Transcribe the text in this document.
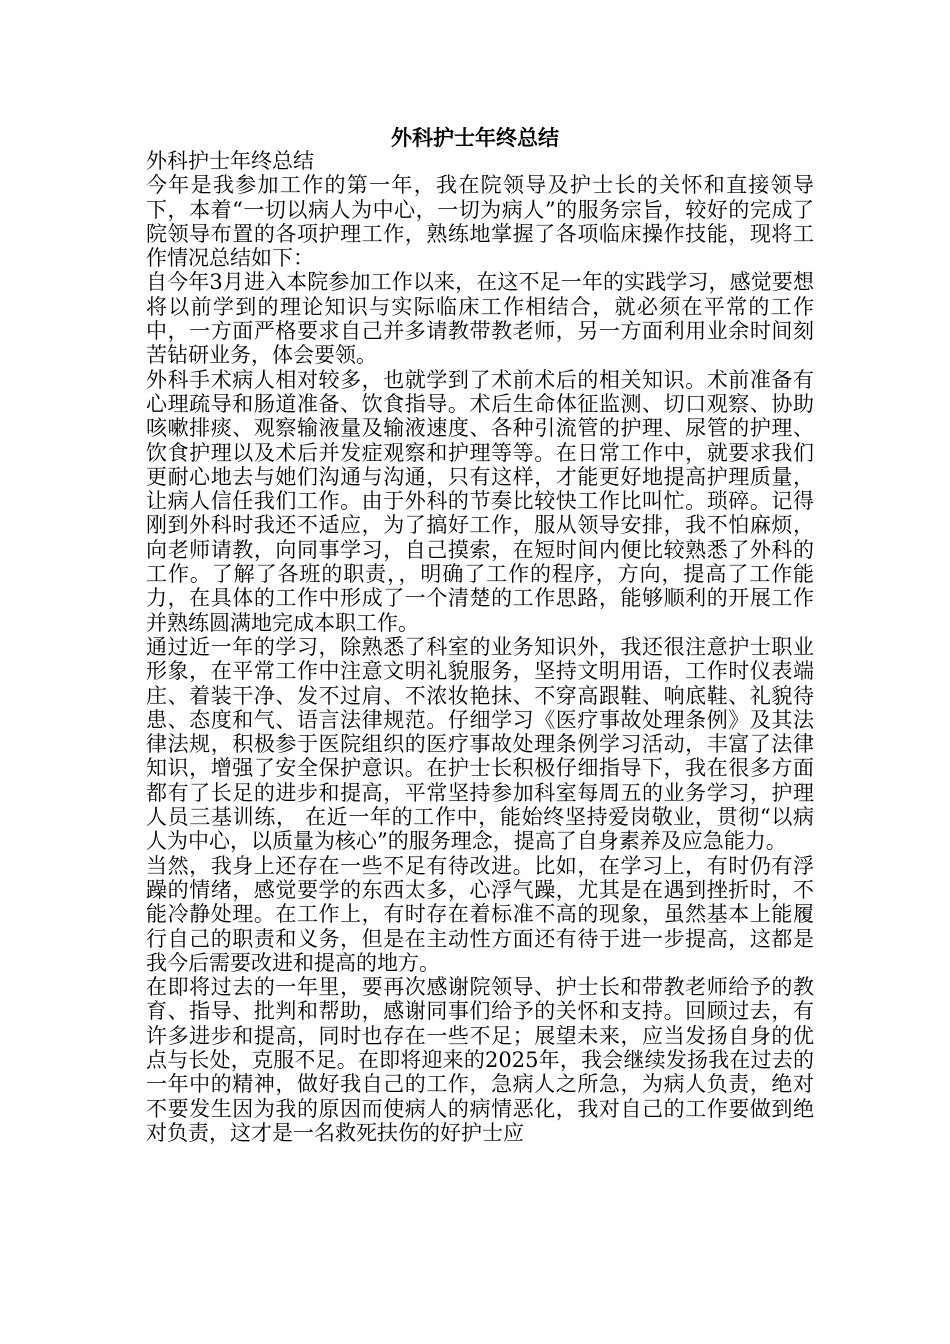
外科护士年终总结

外科护士年终总结

今年是我参加工作的第一年，我在院领导及护士长的关怀和直接领导下，本着“一切以病人为中心，一切为病人”的服务宗旨，较好的完成了院领导布置的各项护理工作，熟练地掌握了各项临床操作技能，现将工作情况总结如下：

自今年3月进入本院参加工作以来，在这不足一年的实践学习，感觉要想将以前学到的理论知识与实际临床工作相结合，就必须在平常的工作中，一方面严格要求自己并多请教带教老师，另一方面利用业余时间刻苦钻研业务，体会要领。

外科手术病人相对较多，也就学到了术前术后的相关知识。术前准备有心理疏导和肠道准备、饮食指导。术后生命体征监测、切口观察、协助咳嗽排痰、观察输液量及输液速度、各种引流管的护理、尿管的护理、饮食护理以及术后并发症观察和护理等等。在日常工作中，就要求我们更耐心地去与她们沟通与沟通，只有这样，才能更好地提高护理质量，让病人信任我们工作。由于外科的节奏比较快工作比叫忙。琐碎。记得刚到外科时我还不适应，为了搞好工作，服从领导安排，我不怕麻烦，向老师请教，向同事学习，自己摸索，在短时间内便比较熟悉了外科的工作。了解了各班的职责，，明确了工作的程序，方向，提高了工作能力，在具体的工作中形成了一个清楚的工作思路，能够顺利的开展工作并熟练圆满地完成本职工作。

通过近一年的学习，除熟悉了科室的业务知识外，我还很注意护士职业形象，在平常工作中注意文明礼貌服务，坚持文明用语，工作时仪表端庄、着装干净、发不过肩、不浓妆艳抹、不穿高跟鞋、响底鞋、礼貌待患、态度和气、语言法律规范。仔细学习《医疗事故处理条例》及其法律法规，积极参于医院组织的医疗事故处理条例学习活动，丰富了法律知识，增强了安全保护意识。在护士长积极仔细指导下，我在很多方面都有了长足的进步和提高，平常坚持参加科室每周五的业务学习，护理人员三基训练， 在近一年的工作中，能始终坚持爱岗敬业，贯彻“以病人为中心，以质量为核心”的服务理念，提高了自身素养及应急能力。

当然，我身上还存在一些不足有待改进。比如，在学习上，有时仍有浮躁的情绪，感觉要学的东西太多，心浮气躁，尤其是在遇到挫折时，不能冷静处理。在工作上，有时存在着标准不高的现象，虽然基本上能履行自己的职责和义务，但是在主动性方面还有待于进一步提高，这都是我今后需要改进和提高的地方。

在即将过去的一年里，要再次感谢院领导、护士长和带教老师给予的教育、指导、批判和帮助，感谢同事们给予的关怀和支持。回顾过去，有许多进步和提高，同时也存在一些不足；展望未来，应当发扬自身的优点与长处，克服不足。在即将迎来的2025年，我会继续发扬我在过去的一年中的精神，做好我自己的工作，急病人之所急，为病人负责，绝对不要发生因为我的原因而使病人的病情恶化，我对自己的工作要做到绝对负责，这才是一名救死扶伤的好护士应
